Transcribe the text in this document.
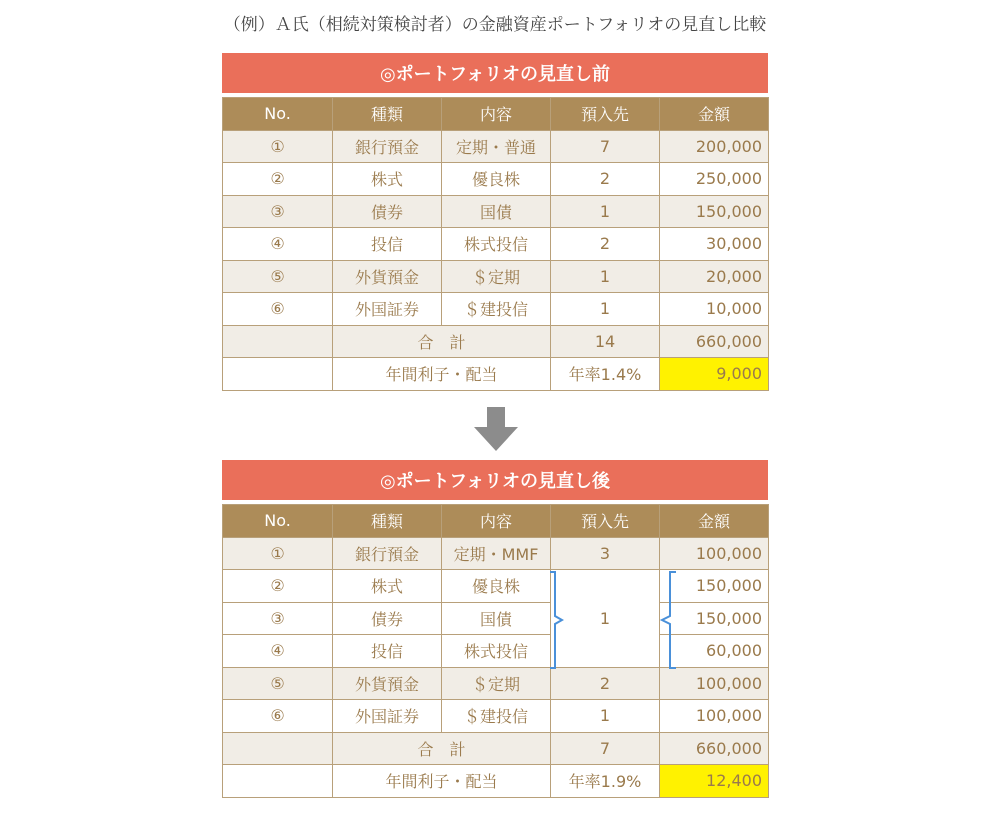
（例）Ａ氏（相続対策検討者）の金融資産ポートフォリオの見直し比較
◎ポートフォリオの見直し前
No.	種類	内容	預入先	金額
①	銀行預金	定期・普通	7	200,000
②	株式	優良株	2	250,000
③	債券	国債	1	150,000
④	投信	株式投信	2	30,000
⑤	外貨預金	＄定期	1	20,000
⑥	外国証券	＄建投信	1	10,000
	合　計		14	660,000
	年間利子・配当		年率1.4%	9,000
◎ポートフォリオの見直し後
No.	種類	内容	預入先	金額
①	銀行預金	定期・MMF	3	100,000
②	株式	優良株		150,000
③	債券	国債	1	150,000
④	投信	株式投信		60,000
⑤	外貨預金	＄定期	2	100,000
⑥	外国証券	＄建投信	1	100,000
	合　計		7	660,000
	年間利子・配当		年率1.9%	12,400
